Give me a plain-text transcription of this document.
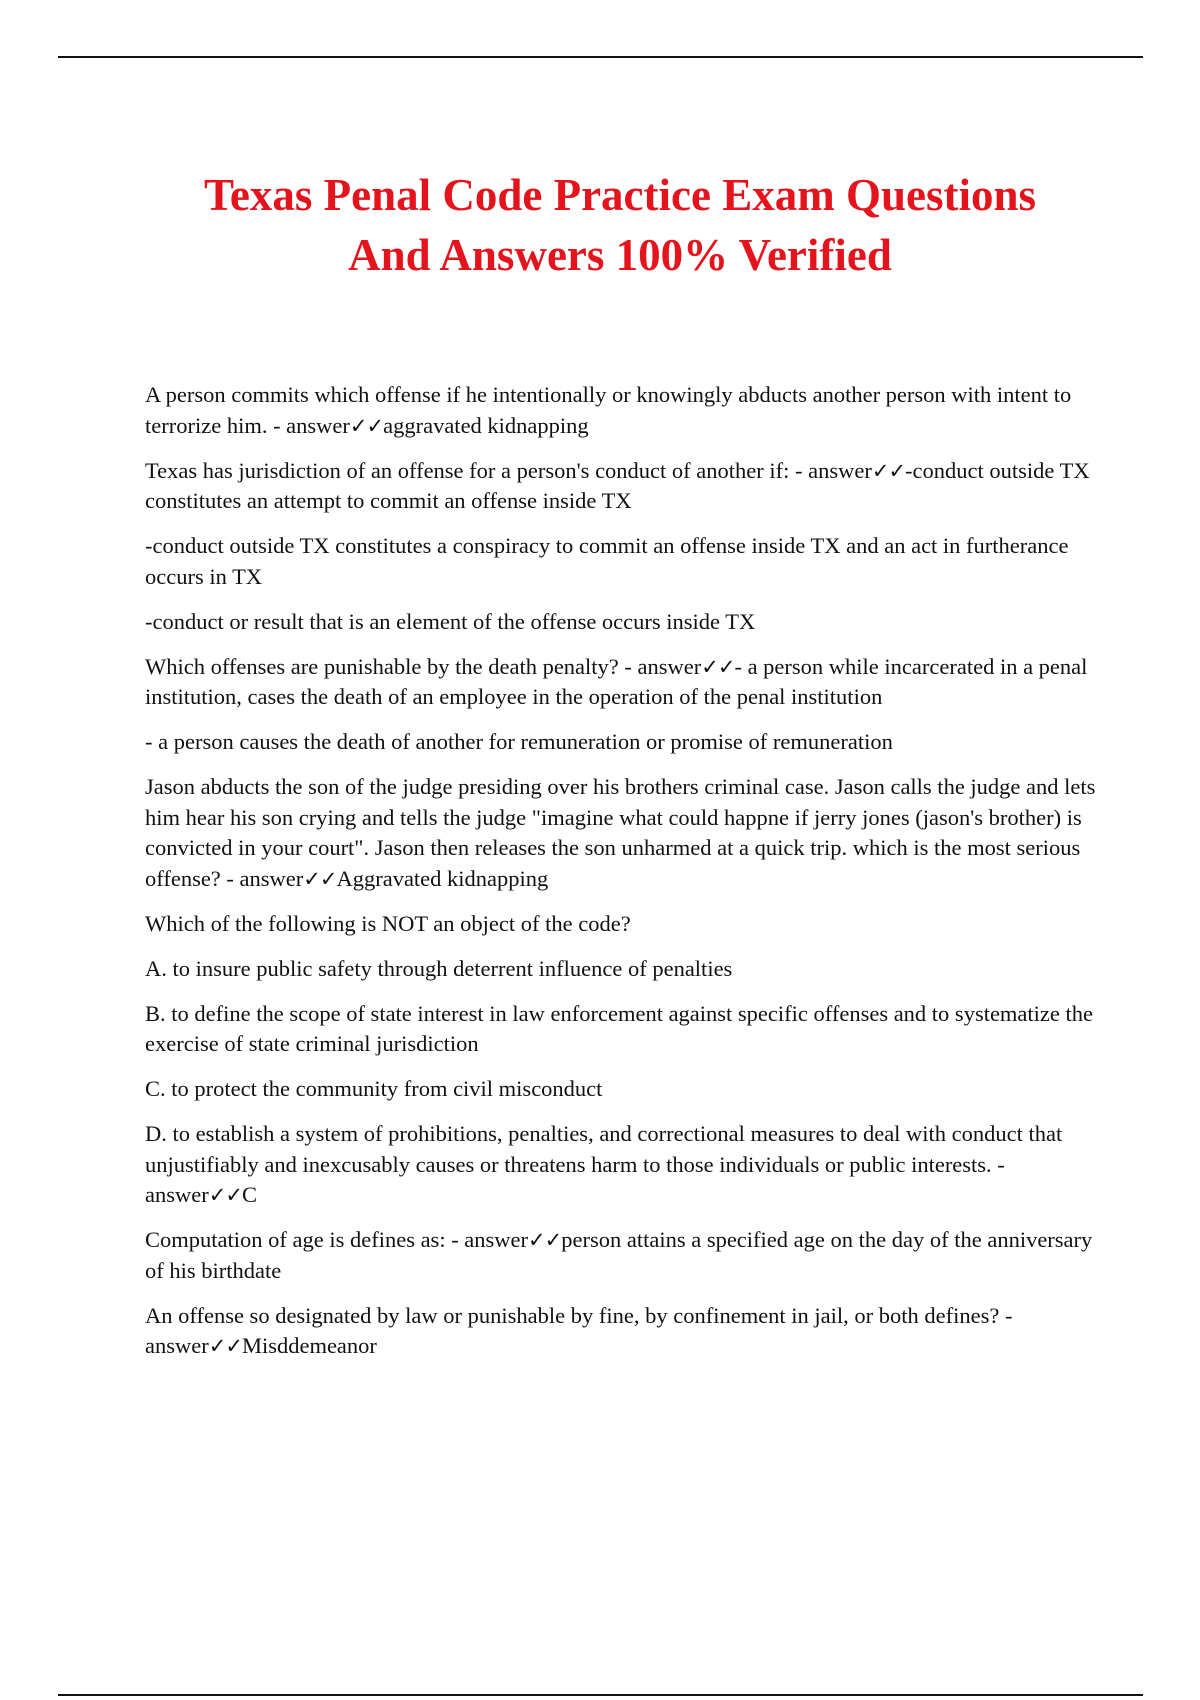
Texas Penal Code Practice Exam Questions
And Answers 100% Verified

A person commits which offense if he intentionally or knowingly abducts another person with intent to terrorize him. - answer✓✓aggravated kidnapping

Texas has jurisdiction of an offense for a person's conduct of another if: - answer✓✓-conduct outside TX constitutes an attempt to commit an offense inside TX

-conduct outside TX constitutes a conspiracy to commit an offense inside TX and an act in furtherance occurs in TX

-conduct or result that is an element of the offense occurs inside TX

Which offenses are punishable by the death penalty? - answer✓✓- a person while incarcerated in a penal institution, cases the death of an employee in the operation of the penal institution

- a person causes the death of another for remuneration or promise of remuneration

Jason abducts the son of the judge presiding over his brothers criminal case. Jason calls the judge and lets him hear his son crying and tells the judge "imagine what could happne if jerry jones (jason's brother) is convicted in your court". Jason then releases the son unharmed at a quick trip. which is the most serious offense? - answer✓✓Aggravated kidnapping

Which of the following is NOT an object of the code?

A. to insure public safety through deterrent influence of penalties

B. to define the scope of state interest in law enforcement against specific offenses and to systematize the exercise of state criminal jurisdiction

C. to protect the community from civil misconduct

D. to establish a system of prohibitions, penalties, and correctional measures to deal with conduct that unjustifiably and inexcusably causes or threatens harm to those individuals or public interests. - answer✓✓C

Computation of age is defines as: - answer✓✓person attains a specified age on the day of the anniversary of his birthdate

An offense so designated by law or punishable by fine, by confinement in jail, or both defines? - answer✓✓Misddemeanor
